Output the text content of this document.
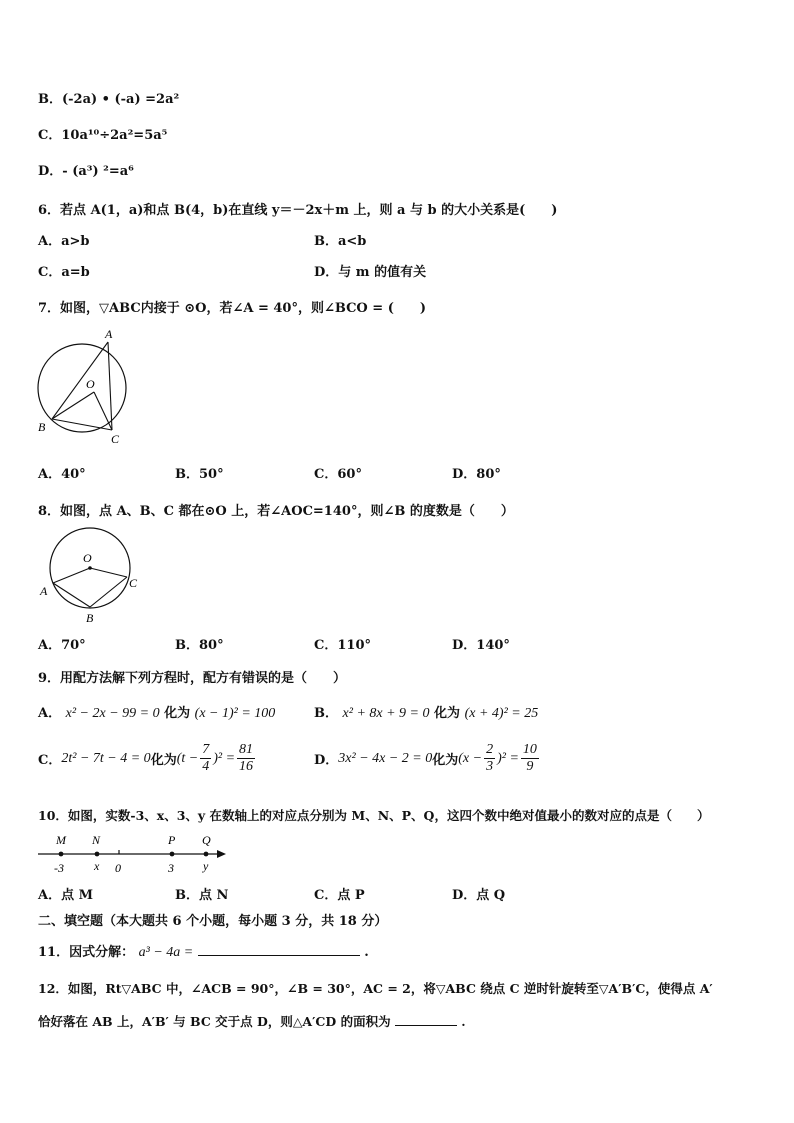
B．(-2a) • (-a) =2a²
C．10a¹⁰÷2a²=5a⁵
D．- (a³) ²=a⁶
6．若点 A(1，a)和点 B(4，b)在直线 y＝－2x＋m 上，则 a 与 b 的大小关系是(　　)
A．a>b	B．a<b
C．a=b	D．与 m 的值有关
7．如图，▽ABC内接于 ⊙O，若∠A = 40°，则∠BCO = (　　)
A
O
B
C
A．40°	B．50°	C．60°	D．80°
8．如图，点 A、B、C 都在⊙O 上，若∠AOC=140°，则∠B 的度数是（　　）
O
A
B
C
A．70°	B．80°	C．110°	D．140°
9．用配方法解下列方程时，配方有错误的是（　　）
A． x² − 2x − 99 = 0 化为 (x − 1)² = 100	B． x² + 8x + 9 = 0 化为 (x + 4)² = 25
C． 2t² − 7t − 4 = 0 化为 $(t - \frac{7}{4} )^2 = \frac{81}{16}$	D． 3x² − 4x − 2 = 0 化为 $(x - \frac{2}{3} )^2 = \frac{10}{9}$
10．如图，实数-3、x、3、y 在数轴上的对应点分别为 M、N、P、Q，这四个数中绝对值最小的数对应的点是（　　）
M N	P Q
-3	x 0	3 y
A．点 M	B．点 N	C．点 P	D．点 Q
二、填空题（本大题共 6 个小题，每小题 3 分，共 18 分）
11．因式分解： a³ − 4a =	.
12．如图，Rt▽ABC 中，∠ACB = 90°，∠B = 30°，AC = 2，将▽ABC 绕点 C 逆时针旋转至▽A′B′C，使得点 A′
恰好落在 AB 上，A′B′ 与 BC 交于点 D，则△A′CD 的面积为	.
